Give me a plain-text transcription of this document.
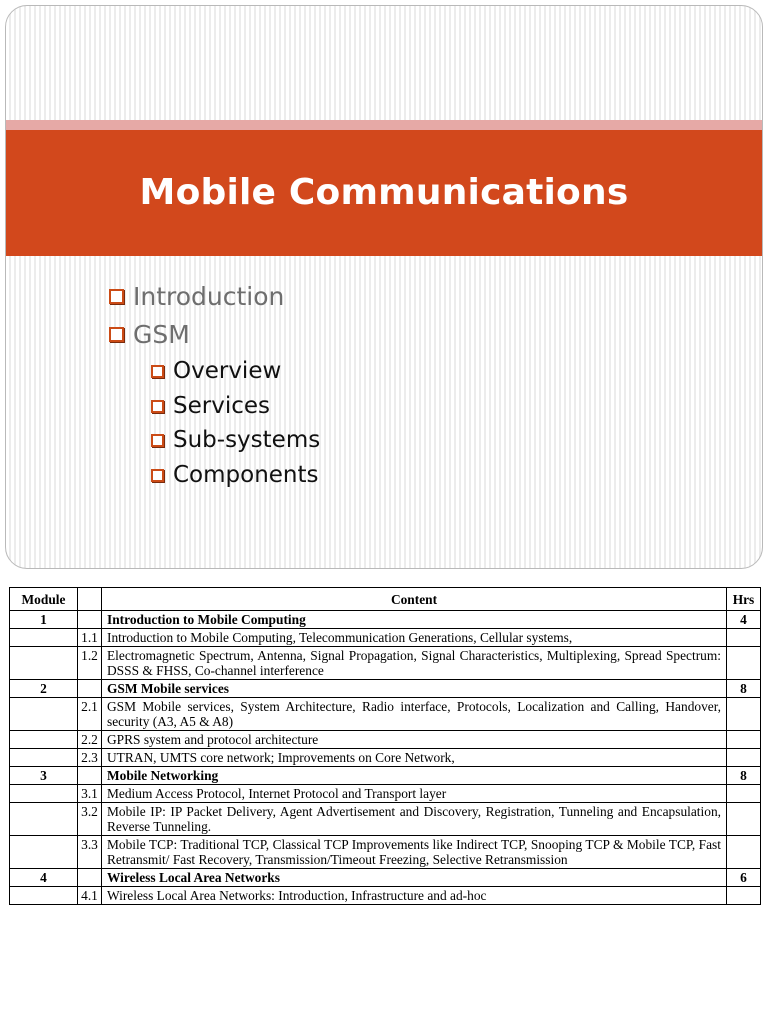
Mobile Communications
Introduction
GSM
Overview
Services
Sub-systems
Components
Module		Content	Hrs
1		Introduction to Mobile Computing	4
	1.1	Introduction to Mobile Computing, Telecommunication Generations, Cellular systems,	
	1.2	Electromagnetic Spectrum, Antenna, Signal Propagation, Signal Characteristics, Multiplexing, Spread Spectrum: DSSS & FHSS, Co-channel interference	
2		GSM Mobile services	8
	2.1	GSM Mobile services, System Architecture, Radio interface, Protocols, Localization and Calling, Handover, security (A3, A5 & A8)	
	2.2	GPRS system and protocol architecture	
	2.3	UTRAN, UMTS core network; Improvements on Core Network,	
3		Mobile Networking	8
	3.1	Medium Access Protocol, Internet Protocol and Transport layer	
	3.2	Mobile IP: IP Packet Delivery, Agent Advertisement and Discovery, Registration, Tunneling and Encapsulation, Reverse Tunneling.	
	3.3	Mobile TCP: Traditional TCP, Classical TCP Improvements like Indirect TCP, Snooping TCP & Mobile TCP, Fast Retransmit/ Fast Recovery, Transmission/Timeout Freezing, Selective Retransmission	
4		Wireless Local Area Networks	6
	4.1	Wireless Local Area Networks: Introduction, Infrastructure and ad-hoc	
